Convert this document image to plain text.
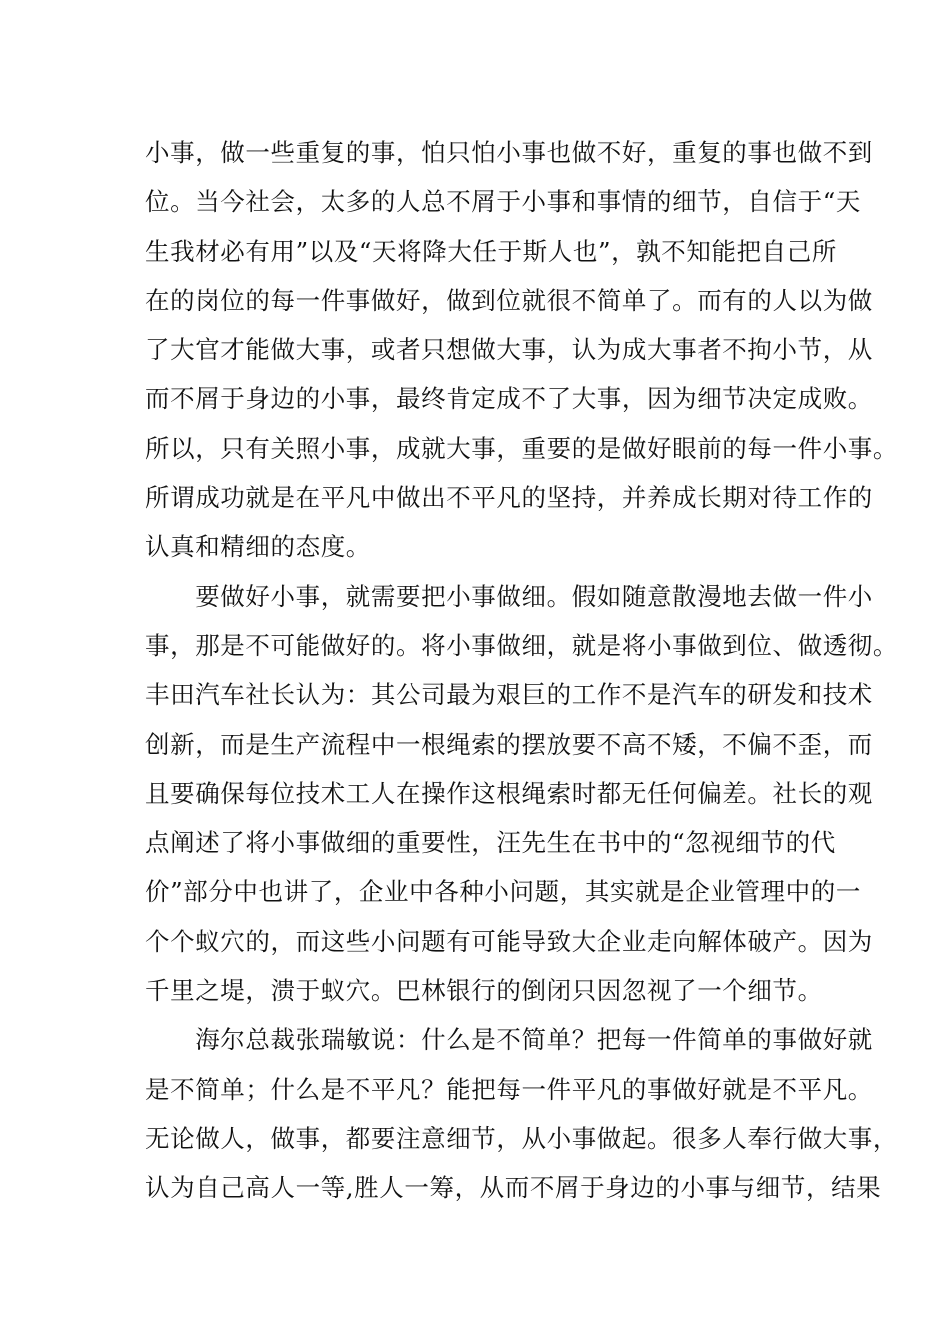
小事，做一些重复的事，怕只怕小事也做不好，重复的事也做不到
位。当今社会，太多的人总不屑于小事和事情的细节，自信于“天
生我材必有用”以及“天将降大任于斯人也”，孰不知能把自己所
在的岗位的每一件事做好，做到位就很不简单了。而有的人以为做
了大官才能做大事，或者只想做大事，认为成大事者不拘小节，从
而不屑于身边的小事，最终肯定成不了大事，因为细节决定成败。
所以，只有关照小事，成就大事，重要的是做好眼前的每一件小事。
所谓成功就是在平凡中做出不平凡的坚持，并养成长期对待工作的
认真和精细的态度。
　　要做好小事，就需要把小事做细。假如随意散漫地去做一件小
事，那是不可能做好的。将小事做细，就是将小事做到位、做透彻。
丰田汽车社长认为：其公司最为艰巨的工作不是汽车的研发和技术
创新，而是生产流程中一根绳索的摆放要不高不矮，不偏不歪，而
且要确保每位技术工人在操作这根绳索时都无任何偏差。社长的观
点阐述了将小事做细的重要性，汪先生在书中的“忽视细节的代
价”部分中也讲了，企业中各种小问题，其实就是企业管理中的一
个个蚁穴的，而这些小问题有可能导致大企业走向解体破产。因为
千里之堤，溃于蚁穴。巴林银行的倒闭只因忽视了一个细节。
　　海尔总裁张瑞敏说：什么是不简单？把每一件简单的事做好就
是不简单；什么是不平凡？能把每一件平凡的事做好就是不平凡。
无论做人，做事，都要注意细节，从小事做起。很多人奉行做大事，
认为自己高人一等,胜人一筹，从而不屑于身边的小事与细节，结果
